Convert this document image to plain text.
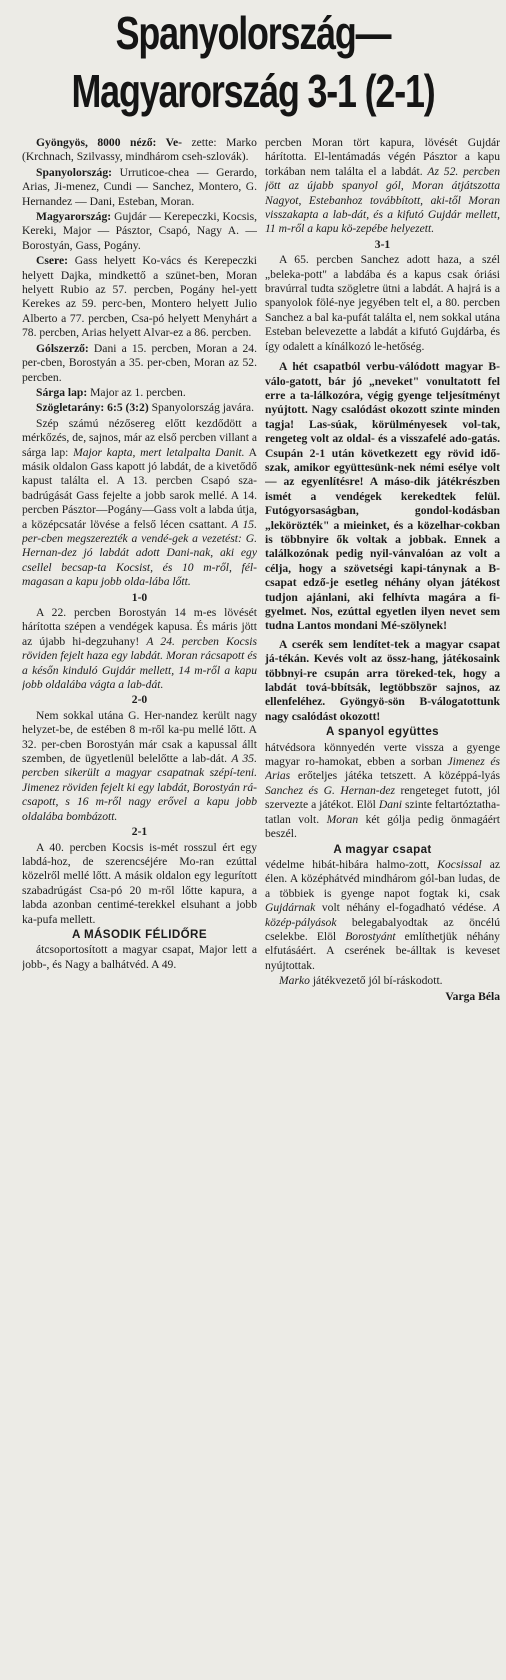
Spanyolország—
Magyarország 3-1 (2-1)

Gyöngyös, 8000 néző: Ve- zette: Marko (Krchnach, Szilvassy, mindhárom cseh-szlovák).

Spanyolország: Urruticoe-chea — Gerardo, Arias, Ji-menez, Cundi — Sanchez, Montero, G. Hernandez — Dani, Esteban, Moran.

Magyarország: Gujdár — Kerepeczki, Kocsis, Kereki, Major — Pásztor, Csapó, Nagy A. — Borostyán, Gass, Pogány.

Csere: Gass helyett Ko-vács és Kerepeczki helyett Dajka, mindkettő a szünet-ben, Moran helyett Rubio az 57. percben, Pogány hel-yett Kerekes az 59. perc-ben, Montero helyett Julio Alberto a 77. percben, Csa-pó helyett Menyhárt a 78. percben, Arias helyett Alvar-ez a 86. percben.

Gólszerző: Dani a 15. percben, Moran a 24. per-cben, Borostyán a 35. per-cben, Moran az 52. percben.

Sárga lap: Major az 1. percben.

Szögletarány: 6:5 (3:2) Spanyolország javára.

Szép számú nézősereg előtt kezdődött a mérkőzés, de, sajnos, már az első percben villant a sárga lap: Major kapta, mert letalpalta Danit. A másik oldalon Gass kapott jó labdát, de a kivetődő kapust találta el. A 13. percben Csapó sza-badrúgását Gass fejelte a jobb sarok mellé. A 14. percben Pásztor—Pogány—Gass volt a labda útja, a középcsatár lövése a felső lécen csattant. A 15. per-cben megszerezték a vendé-gek a vezetést: G. Hernan-dez jó labdát adott Dani-nak, aki egy csellel becsap-ta Kocsist, és 10 m-ről, fél-magasan a kapu jobb olda-lába lőtt.

1-0

A 22. percben Borostyán 14 m-es lövését hárította szépen a vendégek kapusa. És máris jött az újabb hi-degzuhany! A 24. percben Kocsis röviden fejelt haza egy labdát. Moran rácsapott és a későn kinduló Gujdár mellett, 14 m-ről a kapu jobb oldalába vágta a lab-dát.

2-0

Nem sokkal utána G. Her-nandez került nagy helyzet-be, de estében 8 m-ről ka-pu mellé lőtt. A 32. per-cben Borostyán már csak a kapussal állt szemben, de ügyetlenül belelőtte a lab-dát. A 35. percben sikerült a magyar csapatnak szépí-teni. Jimenez röviden fejelt ki egy labdát, Borostyán rá-csapott, s 16 m-ről nagy erővel a kapu jobb oldalába bombázott.

2-1

A 40. percben Kocsis is-mét rosszul ért egy labdá-hoz, de szerencséjére Mo-ran ezúttal közelről mellé lőtt. A másik oldalon egy legurított szabadrúgást Csa-pó 20 m-ről lőtte kapura, a labda azonban centimé-terekkel elsuhant a jobb ka-pufa mellett.

A MÁSODIK FÉLIDŐRE

átcsoportosított a magyar csapat, Major lett a jobb-, és Nagy a balhátvéd. A 49.

percben Moran tört kapura, lövését Gujdár hárította. El-lentámadás végén Pásztor a kapu torkában nem találta el a labdát. Az 52. percben jött az újabb spanyol gól, Moran átjátszotta Nagyot, Estebanhoz továbbított, aki-től Moran visszakapta a lab-dát, és a kifutó Gujdár mellett, 11 m-ről a kapu kö-zepébe helyezett.

3-1

A 65. percben Sanchez adott haza, a szél „beleka-pott" a labdába és a kapus csak óriási bravúrral tudta szögletre ütni a labdát. A hajrá is a spanyolok fölé-nye jegyében telt el, a 80. percben Sanchez a bal ka-pufát találta el, nem sokkal utána Esteban belevezette a labdát a kifutó Gujdárba, és így odalett a kínálkozó le-hetőség.

A hét csapatból verbu-válódott magyar B-válo-gatott, bár jó „neveket" vonultatott fel erre a ta-lálkozóra, végig gyenge teljesítményt nyújtott. Nagy csalódást okozott szinte minden tagja! Las-súak, körülményesek vol-tak, rengeteg volt az oldal- és a visszafelé ado-gatás. Csupán 2-1 után következett egy rövid idő-szak, amikor együttesünk-nek némi esélye volt — az egyenlítésre! A máso-dik játékrészben ismét a vendégek kerekedtek felül. Futógyorsaságban, gondol-kodásban „lekörözték" a mieinket, és a közelhar-cokban is többnyire ők voltak a jobbak. Ennek a találkozónak pedig nyil-vánvalóan az volt a célja, hogy a szövetségi kapi-tánynak a B-csapat edző-je esetleg néhány olyan játékost tudjon ajánlani, aki felhívta magára a fi-gyelmet. Nos, ezúttal egyetlen ilyen nevet sem tudna Lantos mondani Mé-szölynek!

A cserék sem lendítet-tek a magyar csapat já-tékán. Kevés volt az össz-hang, játékosaink többnyi-re csupán arra töreked-tek, hogy a labdát tová-bbítsák, legtöbbször sajnos, az ellenfeléhez. Gyöngyö-sön B-válogatottunk nagy csalódást okozott!

A spanyol együttes

hátvédsora könnyedén verte vissza a gyenge magyar ro-hamokat, ebben a sorban Jimenez és Arias erőteljes játéka tetszett. A középpá-lyás Sanchez és G. Hernan-dez rengeteget futott, jól szervezte a játékot. Elöl Dani szinte feltartóztatha-tatlan volt. Moran két gólja pedig önmagáért beszél.

A magyar csapat

védelme hibát-hibára halmo-zott, Kocsissal az élen. A középhátvéd mindhárom gól-ban ludas, de a többiek is gyenge napot fogtak ki, csak Gujdárnak volt néhány el-fogadható védése. A közép-pályások belegabalyodtak az öncélú cselekbe. Elöl Borostyánt említhetjük néhány elfutásáért. A cserének be-álltak is keveset nyújtottak.

Marko játékvezető jól bí-ráskodott.

Varga Béla
